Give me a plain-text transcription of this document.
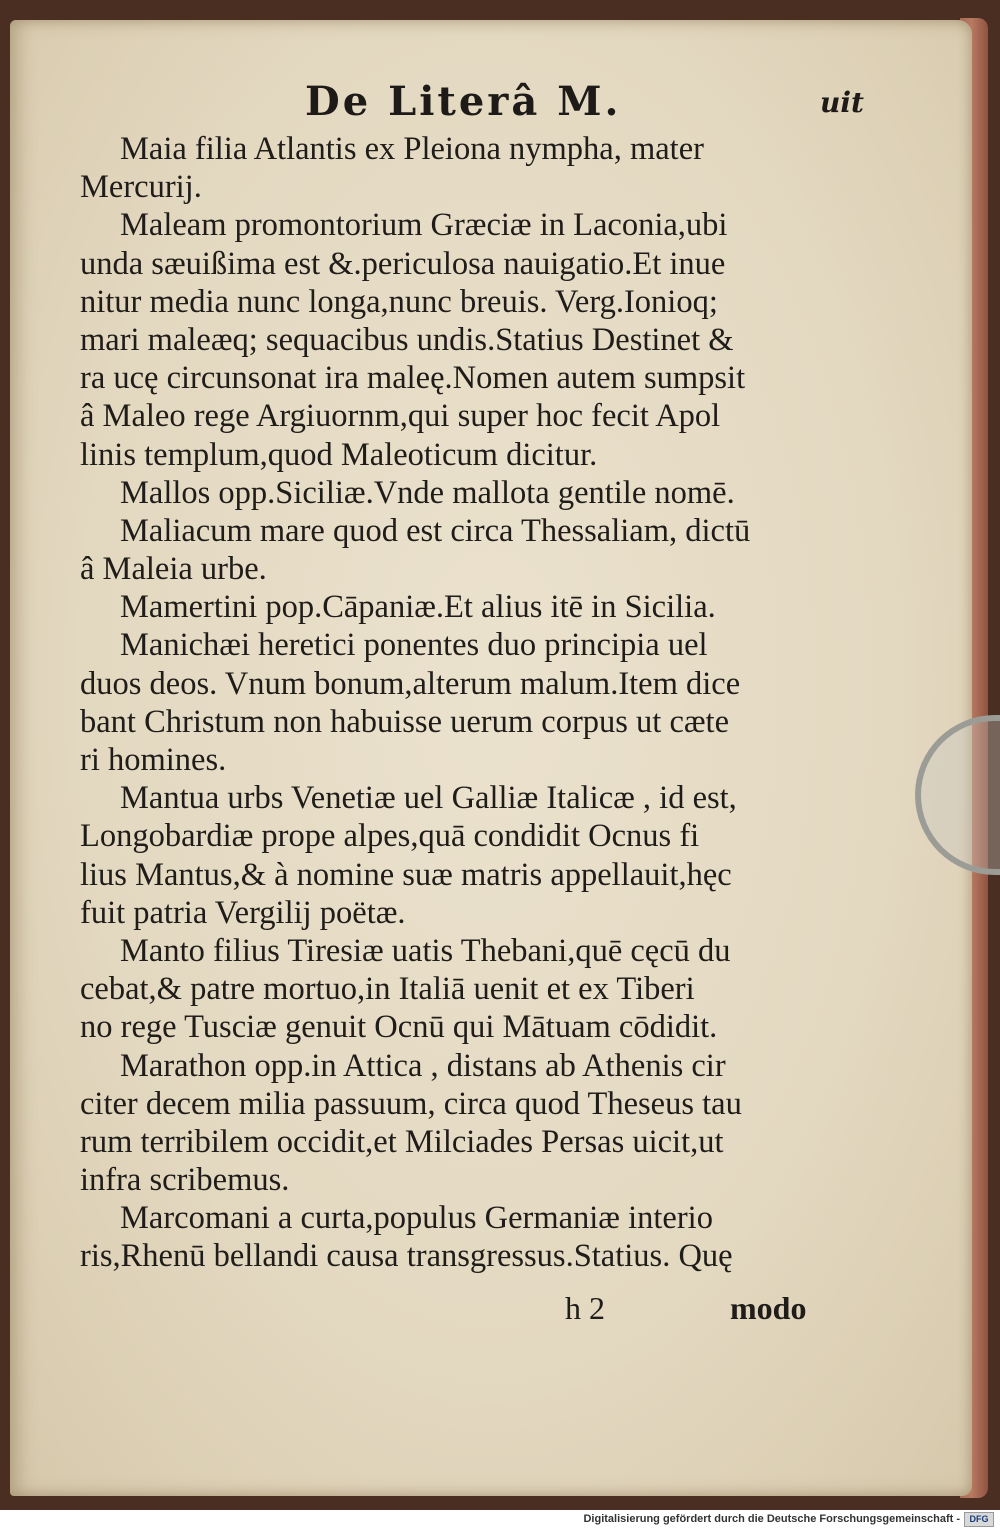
De Literâ M.	uit
Maia filia Atlantis ex Pleiona nympha, mater
Mercurij.
Maleam promontorium Græciæ in Laconia,ubi
unda sæuißima est &.periculosa nauigatio.Et inue
nitur media nunc longa,nunc breuis. Verg.Ionioq;
mari maleæq; sequacibus undis.Statius Destinet &
ra ucę circunsonat ira maleę.Nomen autem sumpsit
â Maleo rege Argiuornm,qui super hoc fecit Apol
linis templum,quod Maleoticum dicitur.
Mallos opp.Siciliæ.Vnde mallota gentile nomē.
Maliacum mare quod est circa Thessaliam, dictū
â Maleia urbe.
Mamertini pop.Cāpaniæ.Et alius itē in Sicilia.
Manichæi heretici ponentes duo principia uel
duos deos. Vnum bonum,alterum malum.Item dice
bant Christum non habuisse uerum corpus ut cæte
ri homines.
Mantua urbs Venetiæ uel Galliæ Italicæ , id est,
Longobardiæ prope alpes,quā condidit Ocnus fi
lius Mantus,& à nomine suæ matris appellauit,hęc
fuit patria Vergilij poëtæ.
Manto filius Tiresiæ uatis Thebani,quē cęcū du
cebat,& patre mortuo,in Italiā uenit et ex Tiberi
no rege Tusciæ genuit Ocnū qui Mātuam cōdidit.
Marathon opp.in Attica , distans ab Athenis cir
citer decem milia passuum, circa quod Theseus tau
rum terribilem occidit,et Milciades Persas uicit,ut
infra scribemus.
Marcomani a curta,populus Germaniæ interio
ris,Rhenū bellandi causa transgressus.Statius. Quę
h 2	modo
Digitalisierung gefördert durch die Deutsche Forschungsgemeinschaft -	DFG
